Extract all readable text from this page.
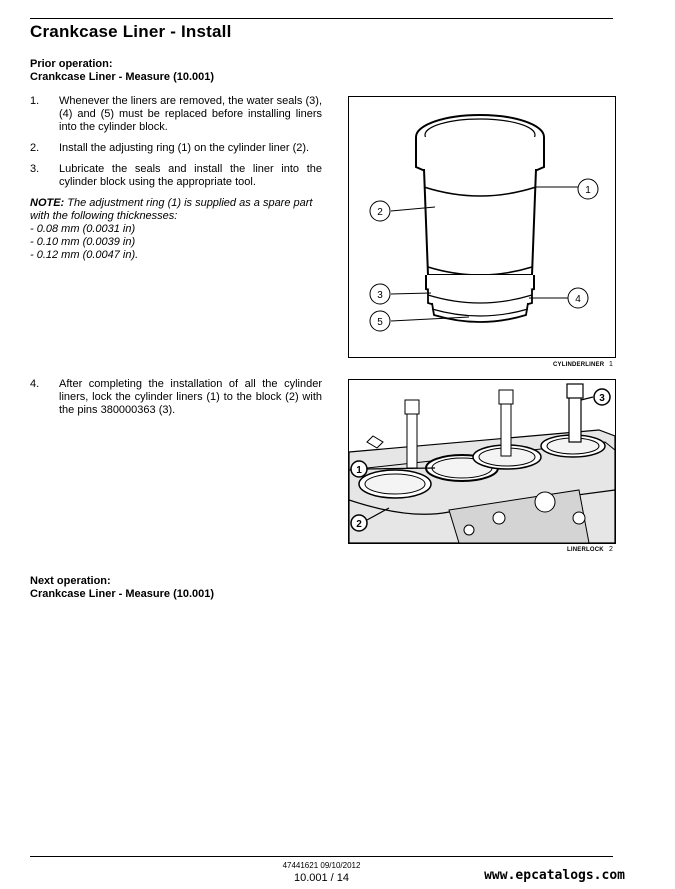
Crankcase Liner - Install
Prior operation:
Crankcase Liner - Measure (10.001)
1.	Whenever the liners are removed, the water seals (3), (4) and (5) must be replaced before installing liners into the cylinder block.
2.	Install the adjusting ring (1) on the cylinder liner (2).
3.	Lubricate the seals and install the liner into the cylinder block using the appropriate tool.
NOTE: The adjustment ring (1) is supplied as a spare part with the following thicknesses:
- 0.08 mm (0.0031 in)
- 0.10 mm (0.0039 in)
- 0.12 mm (0.0047 in).
1
2
3	4
5
CYLINDERLINER 1
4.	After completing the installation of all the cylinder liners, lock the cylinder liners (1) to the block (2) with the pins 380000363 (3).
1
2
3
LINERLOCK 2
Next operation:
Crankcase Liner - Measure (10.001)
47441621 09/10/2012
10.001 / 14	www.epcatalogs.com
